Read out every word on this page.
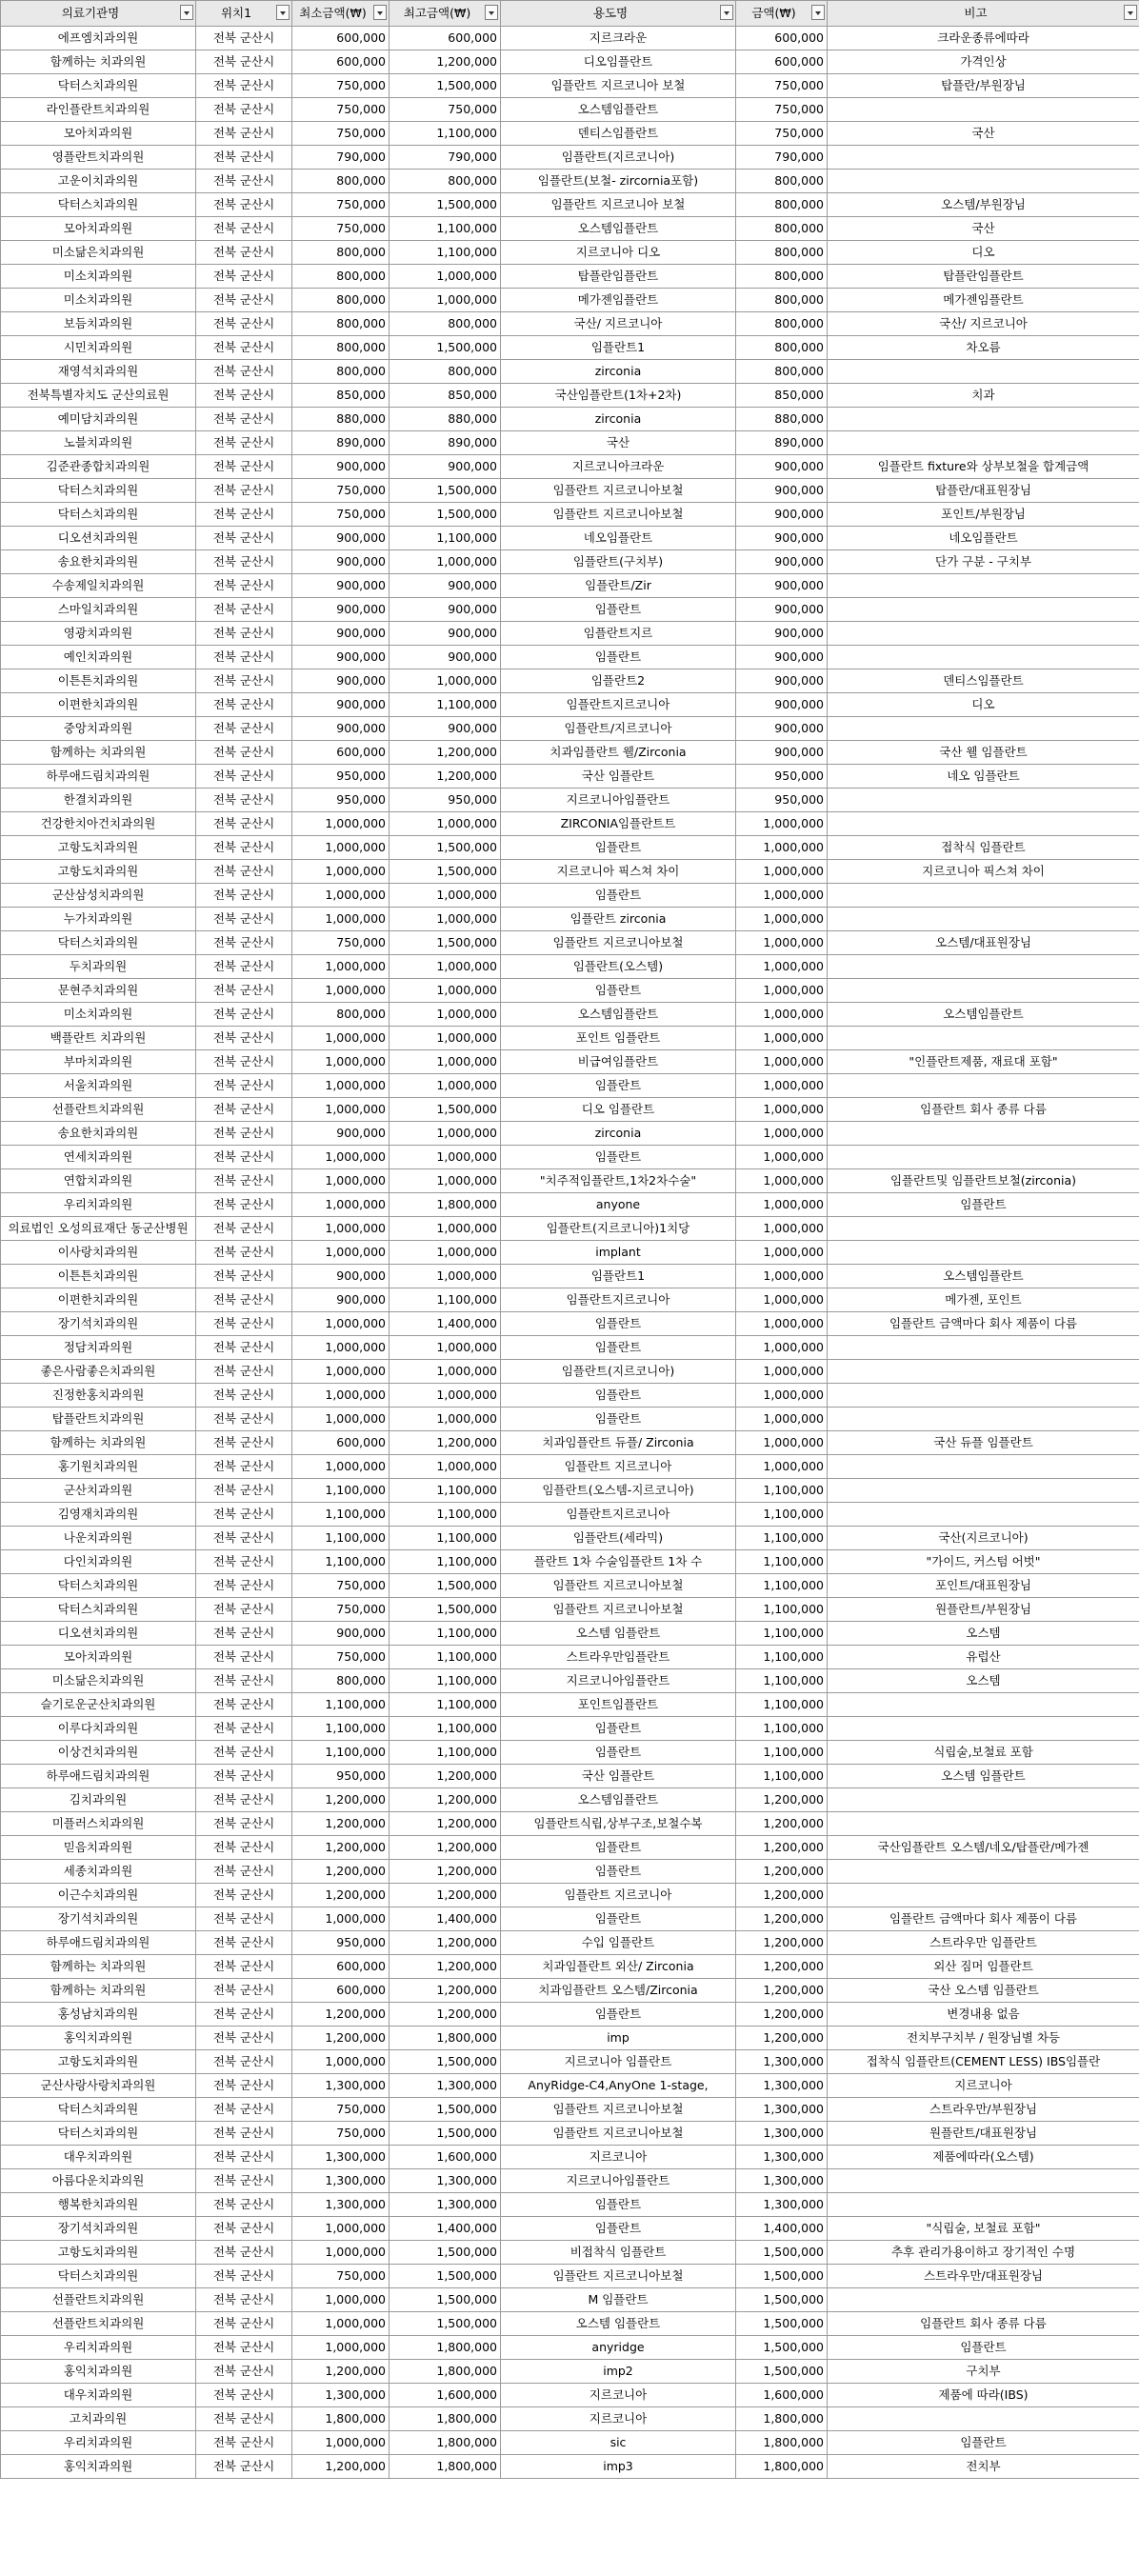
의료기관명	위치1	최소금액(₩)	최고금액(₩)	용도명	금액(₩)	비고

에프엠치과의원	전북 군산시	600,000	600,000	지르크라운	600,000	크라운종류에따라
함께하는 치과의원	전북 군산시	600,000	1,200,000	디오임플란트	600,000	가격인상
닥터스치과의원	전북 군산시	750,000	1,500,000	임플란트 지르코니아 보철	750,000	탑플란/부원장님
라인플란트치과의원	전북 군산시	750,000	750,000	오스템임플란트	750,000	
모아치과의원	전북 군산시	750,000	1,100,000	덴티스임플란트	750,000	국산
영플란트치과의원	전북 군산시	790,000	790,000	임플란트(지르코니아)	790,000	
고운이치과의원	전북 군산시	800,000	800,000	임플란트(보철- zircornia포함)	800,000	
닥터스치과의원	전북 군산시	750,000	1,500,000	임플란트 지르코니아 보철	800,000	오스템/부원장님
모아치과의원	전북 군산시	750,000	1,100,000	오스템임플란트	800,000	국산
미소닮은치과의원	전북 군산시	800,000	1,100,000	지르코니아 디오	800,000	디오
미소치과의원	전북 군산시	800,000	1,000,000	탑플란임플란트	800,000	탑플란임플란트
미소치과의원	전북 군산시	800,000	1,000,000	메가젠임플란트	800,000	메가젠임플란트
보듬치과의원	전북 군산시	800,000	800,000	국산/ 지르코니아	800,000	국산/ 지르코니아
시민치과의원	전북 군산시	800,000	1,500,000	임플란트1	800,000	차오름
재영석치과의원	전북 군산시	800,000	800,000	zirconia	800,000	
전북특별자치도 군산의료원	전북 군산시	850,000	850,000	국산임플란트(1차+2차)	850,000	치과
예미담치과의원	전북 군산시	880,000	880,000	zirconia	880,000	
노블치과의원	전북 군산시	890,000	890,000	국산	890,000	
김준관종합치과의원	전북 군산시	900,000	900,000	지르코니아크라운	900,000	임플란트 fixture와 상부보철을 합계금액
닥터스치과의원	전북 군산시	750,000	1,500,000	임플란트 지르코니아보철	900,000	탑플란/대표원장님
닥터스치과의원	전북 군산시	750,000	1,500,000	임플란트 지르코니아보철	900,000	포인트/부원장님
디오션치과의원	전북 군산시	900,000	1,100,000	네오임플란트	900,000	네오임플란트
송요한치과의원	전북 군산시	900,000	1,000,000	임플란트(구치부)	900,000	단가 구분 - 구치부
수송제일치과의원	전북 군산시	900,000	900,000	임플란트/Zir	900,000	
스마일치과의원	전북 군산시	900,000	900,000	임플란트	900,000	
영광치과의원	전북 군산시	900,000	900,000	임플란트지르	900,000	
예인치과의원	전북 군산시	900,000	900,000	임플란트	900,000	
이튼튼치과의원	전북 군산시	900,000	1,000,000	임플란트2	900,000	덴티스임플란트
이편한치과의원	전북 군산시	900,000	1,100,000	임플란트지르코니아	900,000	디오
중앙치과의원	전북 군산시	900,000	900,000	임플란트/지르코니아	900,000	
함께하는 치과의원	전북 군산시	600,000	1,200,000	치과임플란트 웰/Zirconia	900,000	국산 웰 임플란트
하루애드림치과의원	전북 군산시	950,000	1,200,000	국산 임플란트	950,000	네오 임플란트
한결치과의원	전북 군산시	950,000	950,000	지르코니아임플란트	950,000	
건강한치아건치과의원	전북 군산시	1,000,000	1,000,000	ZIRCONIA임플란트트	1,000,000	
고항도치과의원	전북 군산시	1,000,000	1,500,000	임플란트	1,000,000	접착식 임플란트
고항도치과의원	전북 군산시	1,000,000	1,500,000	지르코니아 픽스쳐 차이	1,000,000	지르코니아 픽스쳐 차이
군산삼성치과의원	전북 군산시	1,000,000	1,000,000	임플란트	1,000,000	
누가치과의원	전북 군산시	1,000,000	1,000,000	임플란트 zirconia	1,000,000	
닥터스치과의원	전북 군산시	750,000	1,500,000	임플란트 지르코니아보철	1,000,000	오스템/대표원장님
두치과의원	전북 군산시	1,000,000	1,000,000	임플란트(오스템)	1,000,000	
문현주치과의원	전북 군산시	1,000,000	1,000,000	임플란트	1,000,000	
미소치과의원	전북 군산시	800,000	1,000,000	오스템임플란트	1,000,000	오스템임플란트
백플란트 치과의원	전북 군산시	1,000,000	1,000,000	포인트 임플란트	1,000,000	
부마치과의원	전북 군산시	1,000,000	1,000,000	비급여임플란트	1,000,000	"인플란트제품, 재료대 포함"
서울치과의원	전북 군산시	1,000,000	1,000,000	임플란트	1,000,000	
선플란트치과의원	전북 군산시	1,000,000	1,500,000	디오 임플란트	1,000,000	임플란트 회사 종류 다름
송요한치과의원	전북 군산시	900,000	1,000,000	zirconia	1,000,000	
연세치과의원	전북 군산시	1,000,000	1,000,000	임플란트	1,000,000	
연합치과의원	전북 군산시	1,000,000	1,000,000	"치주적임플란트,1차2차수술"	1,000,000	임플란트및 임플란트보철(zirconia)
우리치과의원	전북 군산시	1,000,000	1,800,000	anyone	1,000,000	임플란트
의료법인 오성의료재단 동군산병원	전북 군산시	1,000,000	1,000,000	임플란트(지르코니아)1치당	1,000,000	
이사랑치과의원	전북 군산시	1,000,000	1,000,000	implant	1,000,000	
이튼튼치과의원	전북 군산시	900,000	1,000,000	임플란트1	1,000,000	오스템임플란트
이편한치과의원	전북 군산시	900,000	1,100,000	임플란트지르코니아	1,000,000	메가젠, 포인트
장기석치과의원	전북 군산시	1,000,000	1,400,000	임플란트	1,000,000	임플란트 금액마다 회사 제품이 다름
정담치과의원	전북 군산시	1,000,000	1,000,000	임플란트	1,000,000	
좋은사람좋은치과의원	전북 군산시	1,000,000	1,000,000	임플란트(지르코니아)	1,000,000	
진정한홍치과의원	전북 군산시	1,000,000	1,000,000	임플란트	1,000,000	
탑플란트치과의원	전북 군산시	1,000,000	1,000,000	임플란트	1,000,000	
함께하는 치과의원	전북 군산시	600,000	1,200,000	치과임플란트 듀플/ Zirconia	1,000,000	국산 듀플 임플란트
홍기원치과의원	전북 군산시	1,000,000	1,000,000	임플란트 지르코니아	1,000,000	
군산치과의원	전북 군산시	1,100,000	1,100,000	임플란트(오스템-지르코니아)	1,100,000	
김영재치과의원	전북 군산시	1,100,000	1,100,000	임플란트지르코니아	1,100,000	
나운치과의원	전북 군산시	1,100,000	1,100,000	임플란트(세라믹)	1,100,000	국산(지르코니아)
다인치과의원	전북 군산시	1,100,000	1,100,000	플란트 1차 수술임플란트 1차 수	1,100,000	"가이드, 커스텀 어벗"
닥터스치과의원	전북 군산시	750,000	1,500,000	임플란트 지르코니아보철	1,100,000	포인트/대표원장님
닥터스치과의원	전북 군산시	750,000	1,500,000	임플란트 지르코니아보철	1,100,000	원플란트/부원장님
디오션치과의원	전북 군산시	900,000	1,100,000	오스템 임플란트	1,100,000	오스템
모아치과의원	전북 군산시	750,000	1,100,000	스트라우만임플란트	1,100,000	유럽산
미소닮은치과의원	전북 군산시	800,000	1,100,000	지르코니아임플란트	1,100,000	오스템
슬기로운군산치과의원	전북 군산시	1,100,000	1,100,000	포인트임플란트	1,100,000	
이루다치과의원	전북 군산시	1,100,000	1,100,000	임플란트	1,100,000	
이상건치과의원	전북 군산시	1,100,000	1,100,000	임플란트	1,100,000	식립술,보철료 포함
하루애드림치과의원	전북 군산시	950,000	1,200,000	국산 임플란트	1,100,000	오스템 임플란트
김치과의원	전북 군산시	1,200,000	1,200,000	오스템임플란트	1,200,000	
미플러스치과의원	전북 군산시	1,200,000	1,200,000	임플란트식립,상부구조,보철수복	1,200,000	
믿음치과의원	전북 군산시	1,200,000	1,200,000	임플란트	1,200,000	국산임플란트 오스템/네오/탑플란/메가젠
세종치과의원	전북 군산시	1,200,000	1,200,000	임플란트	1,200,000	
이근수치과의원	전북 군산시	1,200,000	1,200,000	임플란트 지르코니아	1,200,000	
장기석치과의원	전북 군산시	1,000,000	1,400,000	임플란트	1,200,000	임플란트 금액마다 회사 제품이 다름
하루애드림치과의원	전북 군산시	950,000	1,200,000	수입 임플란트	1,200,000	스트라우만 임플란트
함께하는 치과의원	전북 군산시	600,000	1,200,000	치과임플란트 외산/ Zirconia	1,200,000	외산 짐머 임플란트
함께하는 치과의원	전북 군산시	600,000	1,200,000	치과임플란트 오스템/Zirconia	1,200,000	국산 오스템 임플란트
홍성남치과의원	전북 군산시	1,200,000	1,200,000	임플란트	1,200,000	변경내용 없음
홍익치과의원	전북 군산시	1,200,000	1,800,000	imp	1,200,000	전치부구치부 / 원장님별 차등
고항도치과의원	전북 군산시	1,000,000	1,500,000	지르코니아 임플란트	1,300,000	접착식 임플란트(CEMENT LESS) IBS임플란
군산사랑사랑치과의원	전북 군산시	1,300,000	1,300,000	AnyRidge-C4,AnyOne 1-stage,	1,300,000	지르코니아
닥터스치과의원	전북 군산시	750,000	1,500,000	임플란트 지르코니아보철	1,300,000	스트라우만/부원장님
닥터스치과의원	전북 군산시	750,000	1,500,000	임플란트 지르코니아보철	1,300,000	원플란트/대표원장님
대우치과의원	전북 군산시	1,300,000	1,600,000	지르코니아	1,300,000	제품에따라(오스템)
아름다운치과의원	전북 군산시	1,300,000	1,300,000	지르코니아임플란트	1,300,000	
행복한치과의원	전북 군산시	1,300,000	1,300,000	임플란트	1,300,000	
장기석치과의원	전북 군산시	1,000,000	1,400,000	임플란트	1,400,000	"식립술, 보철료 포함"
고항도치과의원	전북 군산시	1,000,000	1,500,000	비접착식 임플란트	1,500,000	추후 관리가용이하고 장기적인 수명
닥터스치과의원	전북 군산시	750,000	1,500,000	임플란트 지르코니아보철	1,500,000	스트라우만/대표원장님
선플란트치과의원	전북 군산시	1,000,000	1,500,000	M 임플란트	1,500,000	
선플란트치과의원	전북 군산시	1,000,000	1,500,000	오스템 임플란트	1,500,000	임플란트 회사 종류 다름
우리치과의원	전북 군산시	1,000,000	1,800,000	anyridge	1,500,000	임플란트
홍익치과의원	전북 군산시	1,200,000	1,800,000	imp2	1,500,000	구치부
대우치과의원	전북 군산시	1,300,000	1,600,000	지르코니아	1,600,000	제품에 따라(IBS)
고치과의원	전북 군산시	1,800,000	1,800,000	지르코니아	1,800,000	
우리치과의원	전북 군산시	1,000,000	1,800,000	sic	1,800,000	임플란트
홍익치과의원	전북 군산시	1,200,000	1,800,000	imp3	1,800,000	전치부
